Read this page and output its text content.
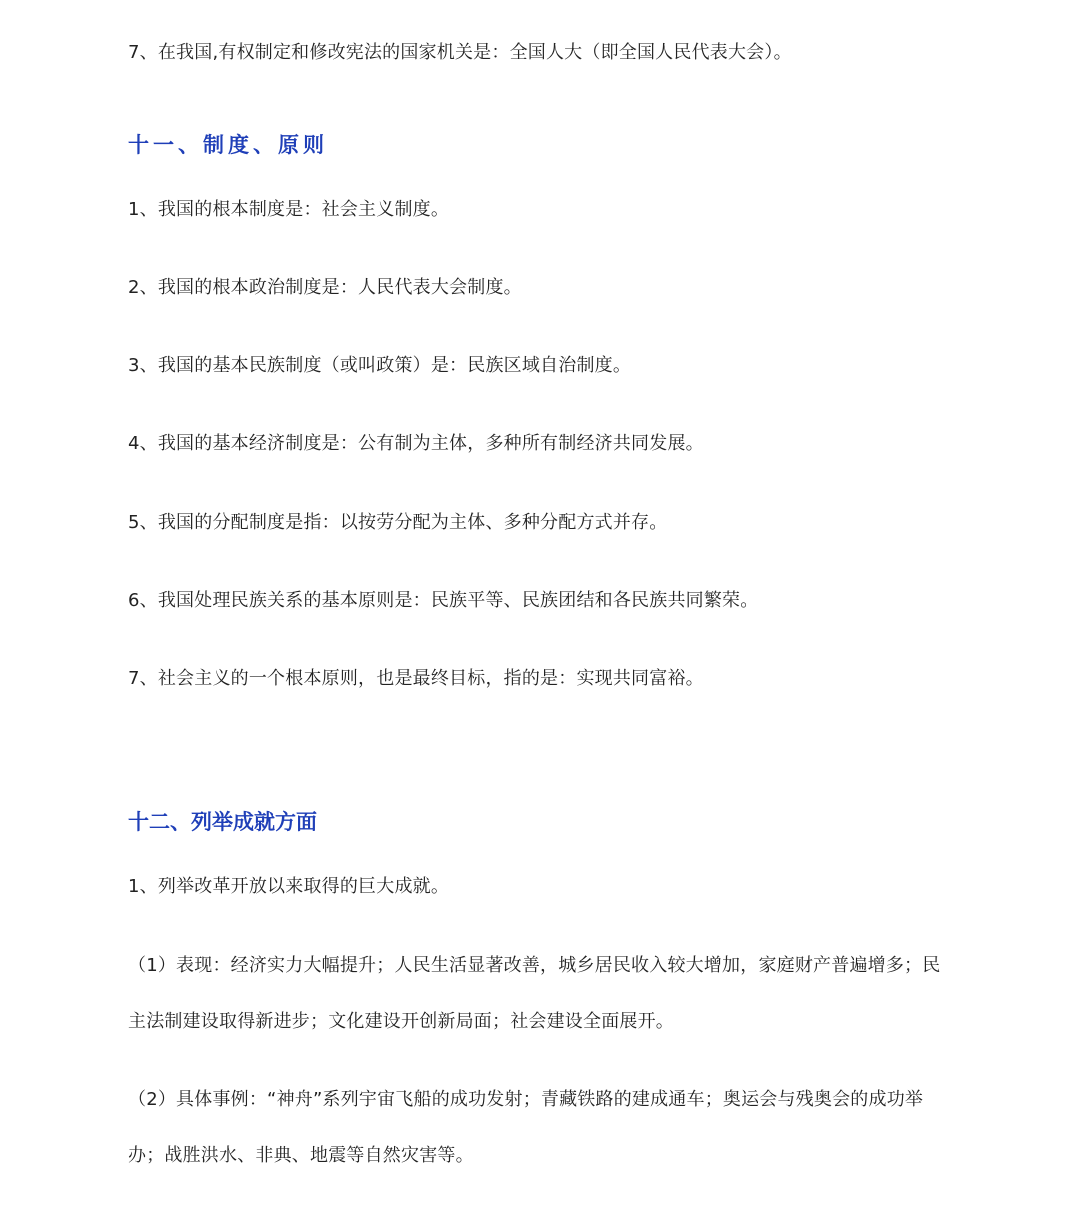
7、在我国,有权制定和修改宪法的国家机关是：全国人大（即全国人民代表大会）。
十一、制度、原则
1、我国的根本制度是：社会主义制度。
2、我国的根本政治制度是：人民代表大会制度。
3、我国的基本民族制度（或叫政策）是：民族区域自治制度。
4、我国的基本经济制度是：公有制为主体，多种所有制经济共同发展。
5、我国的分配制度是指：以按劳分配为主体、多种分配方式并存。
6、我国处理民族关系的基本原则是：民族平等、民族团结和各民族共同繁荣。
7、社会主义的一个根本原则，也是最终目标，指的是：实现共同富裕。
十二、列举成就方面
1、列举改革开放以来取得的巨大成就。
（1）表现：经济实力大幅提升；人民生活显著改善，城乡居民收入较大增加，家庭财产普遍增多；民
主法制建设取得新进步；文化建设开创新局面；社会建设全面展开。
（2）具体事例：“神舟”系列宇宙飞船的成功发射；青藏铁路的建成通车；奥运会与残奥会的成功举
办；战胜洪水、非典、地震等自然灾害等。
